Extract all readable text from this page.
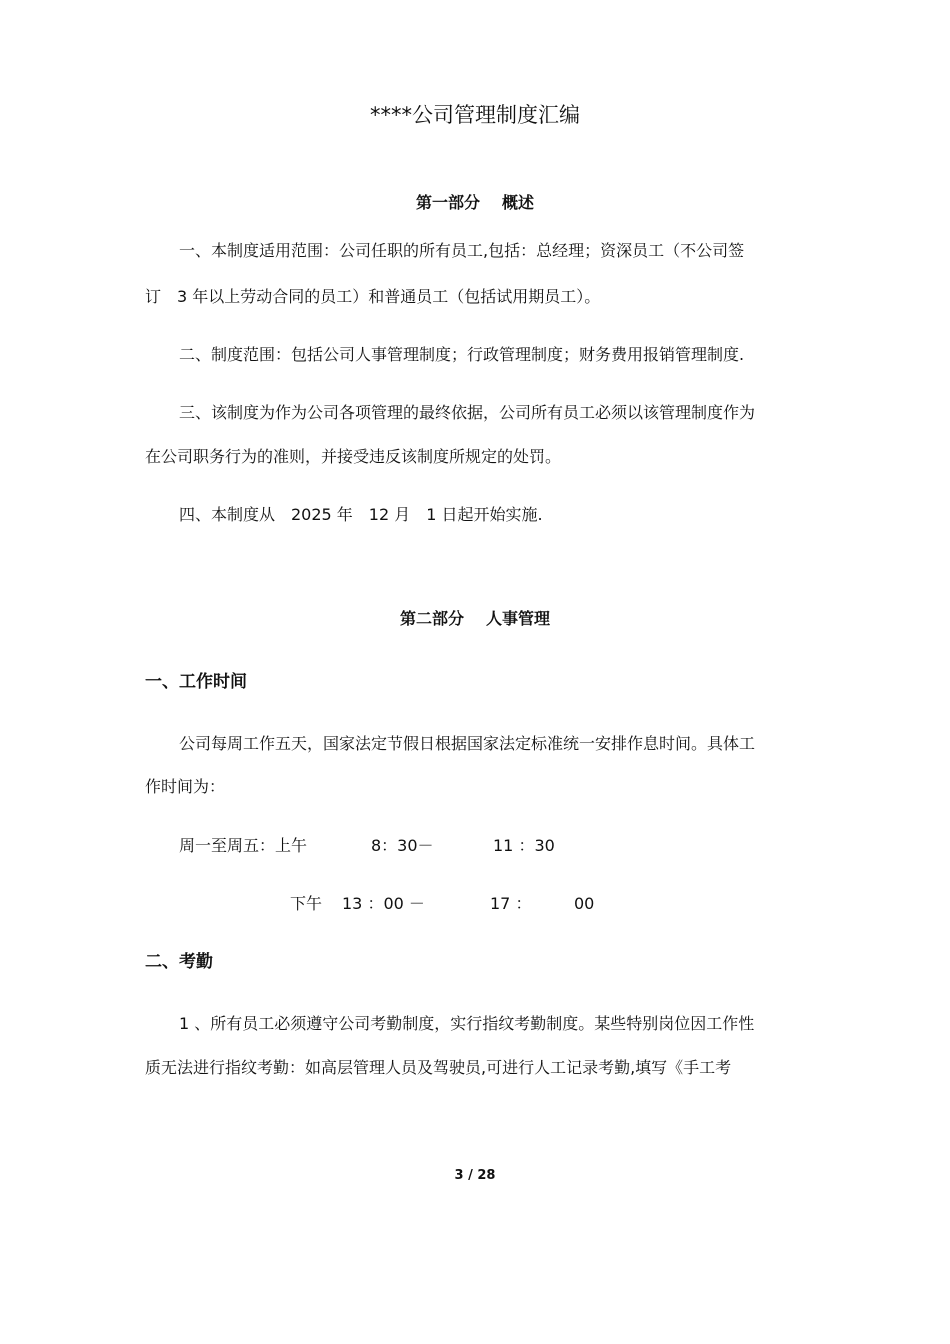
****公司管理制度汇编
第一部分 概述
一、本制度适用范围：公司任职的所有员工,包括：总经理；资深员工（不公司签
订　3 年以上劳动合同的员工）和普通员工（包括试用期员工）。
二、制度范围：包括公司人事管理制度；行政管理制度；财务费用报销管理制度.
三、该制度为作为公司各项管理的最终依据，公司所有员工必须以该管理制度作为
在公司职务行为的准则，并接受违反该制度所规定的处罚。
四、本制度从　2025 年　12 月　1 日起开始实施.
第二部分 人事管理
一、工作时间
公司每周工作五天，国家法定节假日根据国家法定标准统一安排作息时间。具体工
作时间为：
周一至周五：上午	8：30－	11 ：30
下午 13 ：00 －	17 ：	00
二、考勤
1 、所有员工必须遵守公司考勤制度，实行指纹考勤制度。某些特别岗位因工作性
质无法进行指纹考勤：如高层管理人员及驾驶员,可进行人工记录考勤,填写《手工考
3 / 28
